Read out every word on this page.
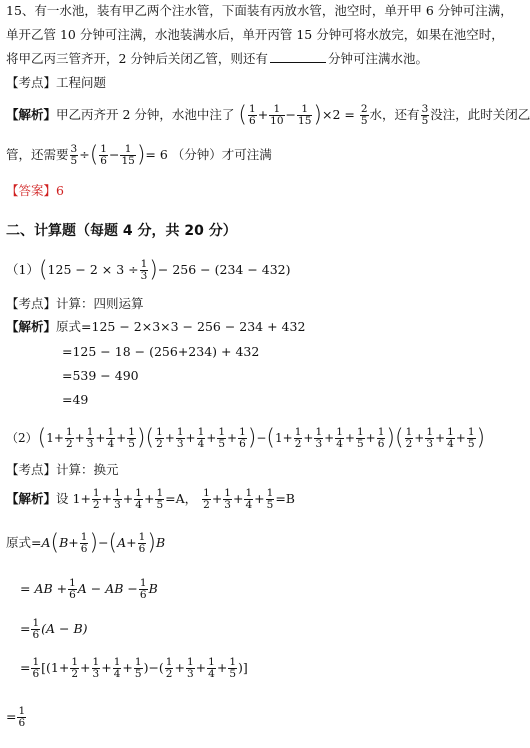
15、有一水池，装有甲乙两个注水管，下面装有丙放水管，池空时，单开甲 6 分钟可注满，
单开乙管 10 分钟可注满，水池装满水后，单开丙管 15 分钟可将水放完，如果在池空时，
将甲乙丙三管齐开，2 分钟后关闭乙管，则还有	分钟可注满水池。
【考点】工程问题
【解析】甲乙丙齐开 2 分钟，水池中注了 ( $\frac{1}{6} + \frac{1}{10} - \frac{1}{15} )\times 2 = \frac{2}{5}$ 水，还有 $\frac{3}{5}$ 没注，此时关闭乙
管，还需要 $\frac{3}{5}$ ÷( $\frac{1}{6} - \frac{1}{15}$ )= 6 （分钟）才可注满
【答案】6
二、计算题（每题 4 分，共 20 分）
$(1)(125 - 2 \times 3 \div \frac{1}{3}$ )− 256 − (234 − 432)
【考点】计算：四则运算
【解析】原式=125 − 2×3×3 − 256 − 234 + 432
=125 − 18 − (256+234) + 432
=539 − 490
=49
$(2)(1+ \frac{1}{2} + \frac{1}{3} + \frac{1}{4} + \frac{1}{5}$ )( $\frac{1}{2} + \frac{1}{3} + \frac{1}{4} + \frac{1}{5} + \frac{1}{6} )-(1+ \frac{1}{2} + \frac{1}{3} + \frac{1}{4} + \frac{1}{5} + \frac{1}{6}$ )( $\frac{1}{2} + \frac{1}{3} + \frac{1}{4} + \frac{1}{5}$ )
【考点】计算：换元
【解析】设 $1+ \frac{1}{2} + \frac{1}{3} + \frac{1}{4} + \frac{1}{5} =A$， $\frac{1}{2} + \frac{1}{3} + \frac{1}{4} + \frac{1}{5} =B$
原式$=A(B+ \frac{1}{6} )-(A+ \frac{1}{6} )B$
= AB + $\frac{1}{6}$ A − AB − $\frac{1}{6}$ B
= $\frac{1}{6} (A - B)$
= $\frac{1}{6} [(1+ \frac{1}{2} + \frac{1}{3} + \frac{1}{4} + \frac{1}{5}$ )−( $\frac{1}{2} + \frac{1}{3} + \frac{1}{4} + \frac{1}{5}$ )]
= $\frac{1}{6}$
